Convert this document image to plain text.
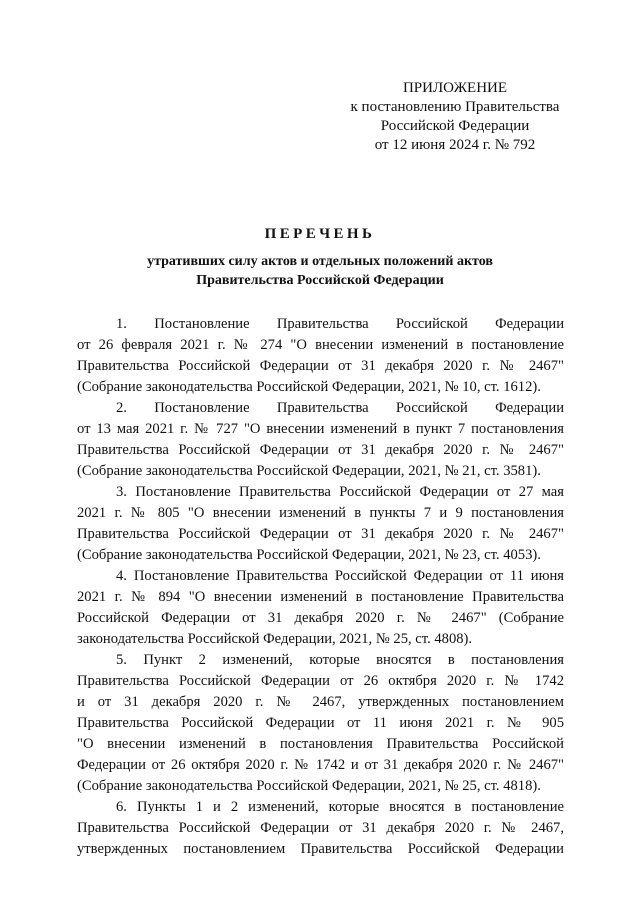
ПРИЛОЖЕНИЕ
к постановлению Правительства
Российской Федерации
от 12 июня 2024 г. № 792
ПЕРЕЧЕНЬ
утративших силу актов и отдельных положений актов
Правительства Российской Федерации
1. Постановление Правительства Российской Федерации
от 26 февраля 2021 г. № 274 "О внесении изменений в постановление
Правительства Российской Федерации от 31 декабря 2020 г. № 2467"
(Собрание законодательства Российской Федерации, 2021, № 10, ст. 1612).
2. Постановление Правительства Российской Федерации
от 13 мая 2021 г. № 727 "О внесении изменений в пункт 7 постановления
Правительства Российской Федерации от 31 декабря 2020 г. № 2467"
(Собрание законодательства Российской Федерации, 2021, № 21, ст. 3581).
3. Постановление Правительства Российской Федерации от 27 мая
2021 г. № 805 "О внесении изменений в пункты 7 и 9 постановления
Правительства Российской Федерации от 31 декабря 2020 г. № 2467"
(Собрание законодательства Российской Федерации, 2021, № 23, ст. 4053).
4. Постановление Правительства Российской Федерации от 11 июня
2021 г. № 894 "О внесении изменений в постановление Правительства
Российской Федерации от 31 декабря 2020 г. № 2467" (Собрание
законодательства Российской Федерации, 2021, № 25, ст. 4808).
5. Пункт 2 изменений, которые вносятся в постановления
Правительства Российской Федерации от 26 октября 2020 г. № 1742
и от 31 декабря 2020 г. № 2467, утвержденных постановлением
Правительства Российской Федерации от 11 июня 2021 г. № 905
"О внесении изменений в постановления Правительства Российской
Федерации от 26 октября 2020 г. № 1742 и от 31 декабря 2020 г. № 2467"
(Собрание законодательства Российской Федерации, 2021, № 25, ст. 4818).
6. Пункты 1 и 2 изменений, которые вносятся в постановление
Правительства Российской Федерации от 31 декабря 2020 г. № 2467,
утвержденных постановлением Правительства Российской Федерации
